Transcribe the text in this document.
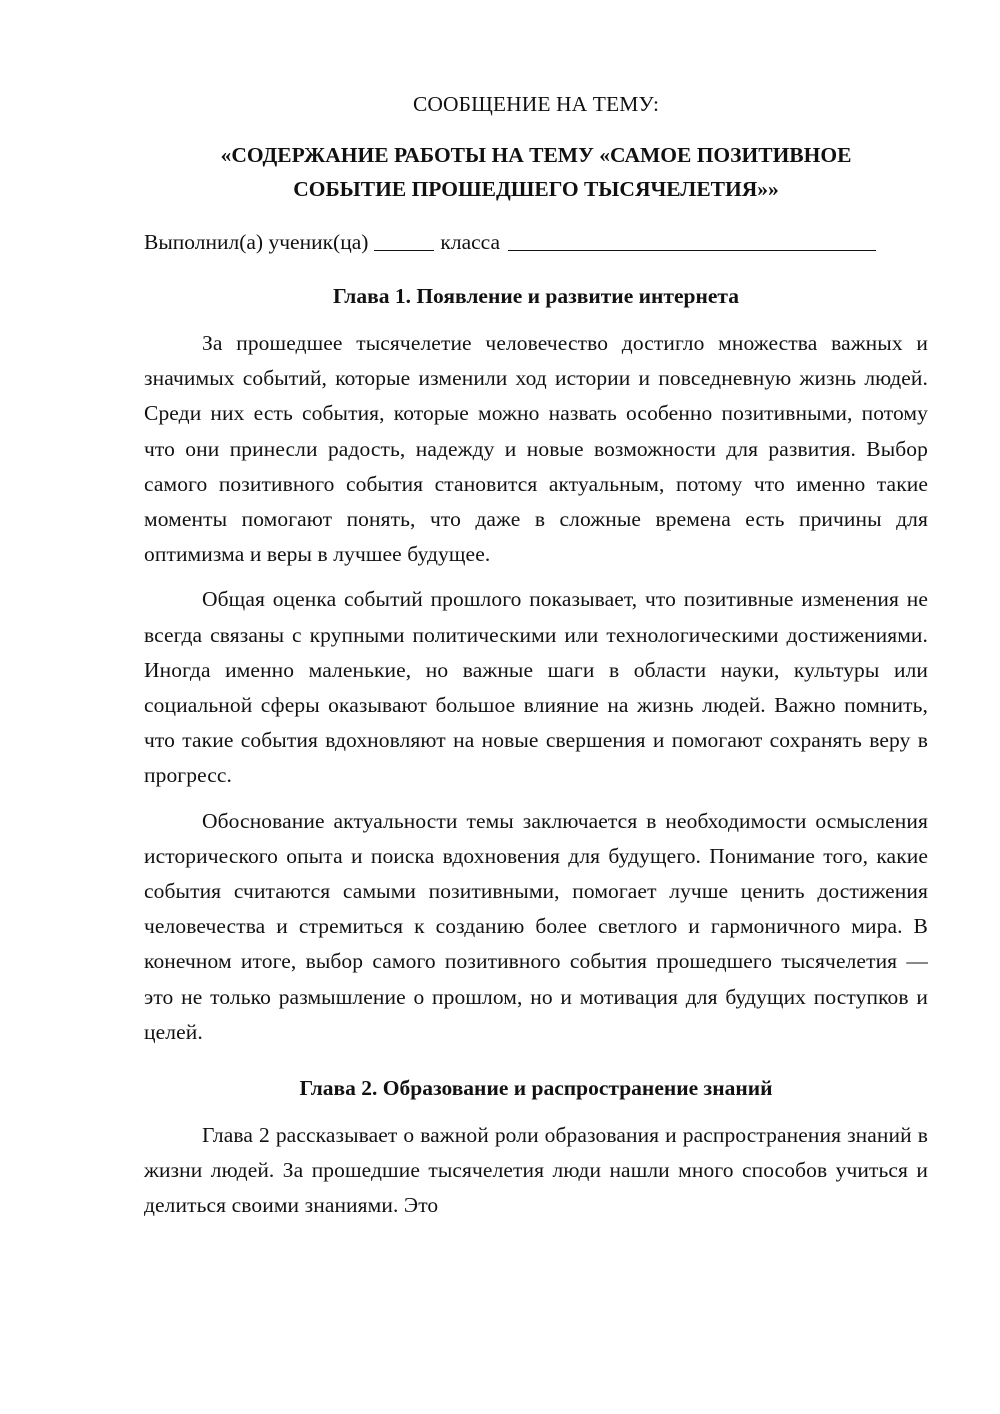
СООБЩЕНИЕ НА ТЕМУ:

«СОДЕРЖАНИЕ РАБОТЫ НА ТЕМУ «САМОЕ ПОЗИТИВНОЕ
СОБЫТИЕ ПРОШЕДШЕГО ТЫСЯЧЕЛЕТИЯ»»

Выполнил(а) ученик(ца)	класса

Глава 1. Появление и развитие интернета

За прошедшее тысячелетие человечество достигло множества важных и значимых событий, которые изменили ход истории и повседневную жизнь людей. Среди них есть события, которые можно назвать особенно позитивными, потому что они принесли радость, надежду и новые возможности для развития. Выбор самого позитивного события становится актуальным, потому что именно такие моменты помогают понять, что даже в сложные времена есть причины для оптимизма и веры в лучшее будущее.

Общая оценка событий прошлого показывает, что позитивные изменения не всегда связаны с крупными политическими или технологическими достижениями. Иногда именно маленькие, но важные шаги в области науки, культуры или социальной сферы оказывают большое влияние на жизнь людей. Важно помнить, что такие события вдохновляют на новые свершения и помогают сохранять веру в прогресс.

Обоснование актуальности темы заключается в необходимости осмысления исторического опыта и поиска вдохновения для будущего. Понимание того, какие события считаются самыми позитивными, помогает лучше ценить достижения человечества и стремиться к созданию более светлого и гармоничного мира. В конечном итоге, выбор самого позитивного события прошедшего тысячелетия — это не только размышление о прошлом, но и мотивация для будущих поступков и целей.

Глава 2. Образование и распространение знаний

Глава 2 рассказывает о важной роли образования и распространения знаний в жизни людей. За прошедшие тысячелетия люди нашли много способов учиться и делиться своими знаниями. Это
